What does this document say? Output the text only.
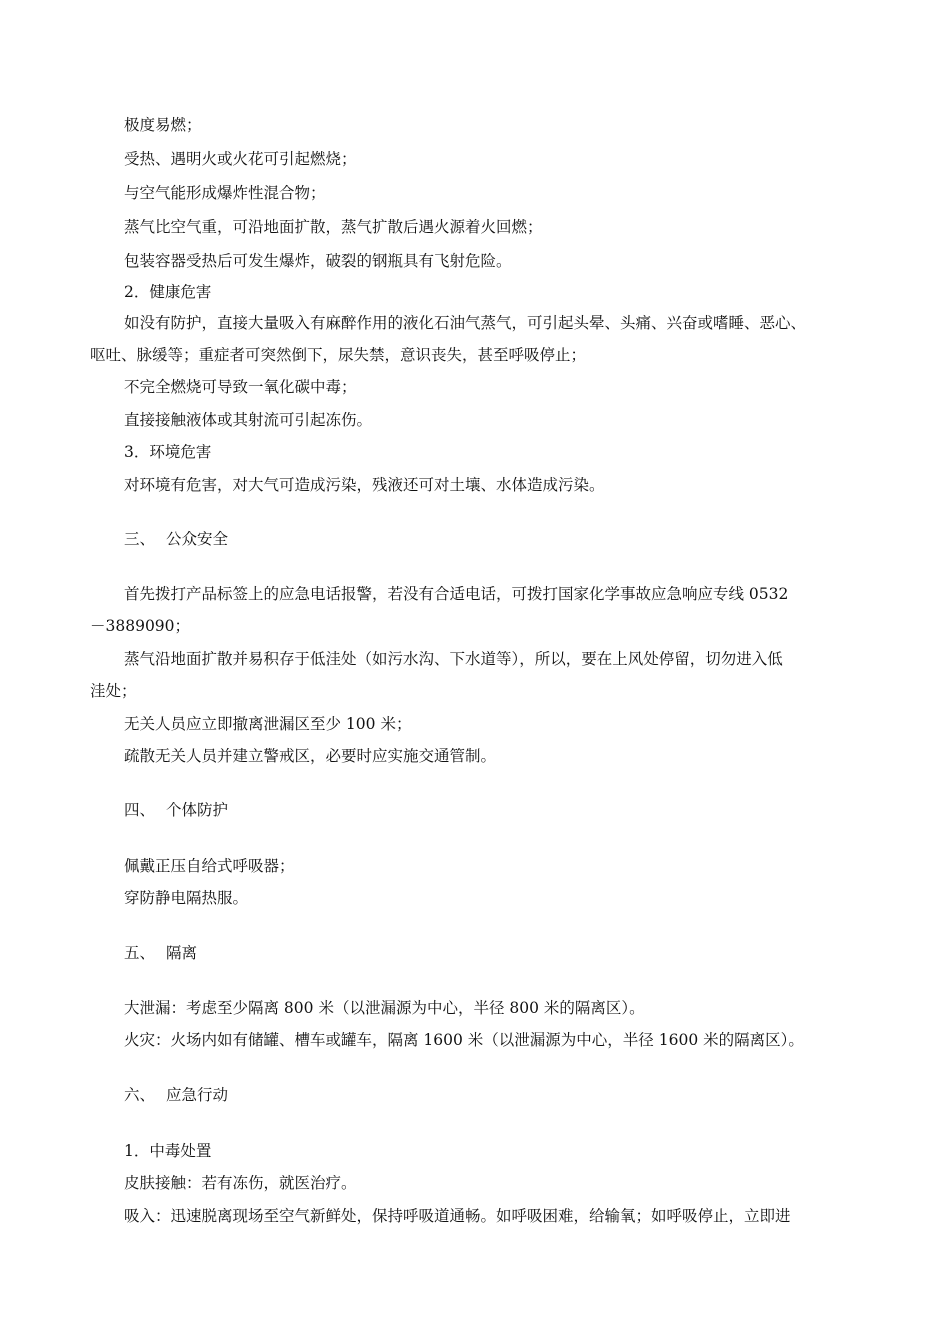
极度易燃；

受热、遇明火或火花可引起燃烧；

与空气能形成爆炸性混合物；

蒸气比空气重，可沿地面扩散，蒸气扩散后遇火源着火回燃；

包装容器受热后可发生爆炸，破裂的钢瓶具有飞射危险。

2．健康危害

如没有防护，直接大量吸入有麻醉作用的液化石油气蒸气，可引起头晕、头痛、兴奋或嗜睡、恶心、

呕吐、脉缓等；重症者可突然倒下，尿失禁，意识丧失，甚至呼吸停止；

不完全燃烧可导致一氧化碳中毒；

直接接触液体或其射流可引起冻伤。

3．环境危害

对环境有危害，对大气可造成污染，残液还可对土壤、水体造成污染。

三、 公众安全

首先拨打产品标签上的应急电话报警，若没有合适电话，可拨打国家化学事故应急响应专线 0532

－3889090；

蒸气沿地面扩散并易积存于低洼处（如污水沟、下水道等），所以，要在上风处停留，切勿进入低

洼处；

无关人员应立即撤离泄漏区至少 100 米；

疏散无关人员并建立警戒区，必要时应实施交通管制。

四、 个体防护

佩戴正压自给式呼吸器；

穿防静电隔热服。

五、 隔离

大泄漏：考虑至少隔离 800 米（以泄漏源为中心，半径 800 米的隔离区）。

火灾：火场内如有储罐、槽车或罐车，隔离 1600 米（以泄漏源为中心，半径 1600 米的隔离区）。

六、 应急行动

1．中毒处置

皮肤接触：若有冻伤，就医治疗。

吸入：迅速脱离现场至空气新鲜处，保持呼吸道通畅。如呼吸困难，给输氧；如呼吸停止，立即进
